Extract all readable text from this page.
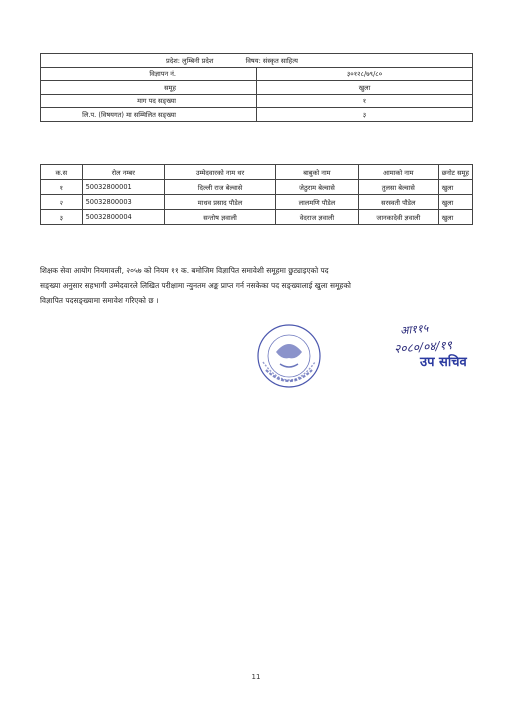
प्रदेश: लुम्बिनी प्रदेश विषय: संस्कृत साहित्य	
विज्ञापन नं.	३०१२८/७९/८०
समूह	खुला
माग पद सङ्ख्या	१
लि.प. (विषयगत) मा सम्मिलित सङ्ख्या	३
क.स	रोल नम्बर	उम्मेदवारको नाम थर	बाबुको नाम	आमाको नाम	छनोट समूह
१	50032800001	दिल्ली राज बेल्वासे	जेठुराम बेल्वासे	तुलसा बेल्वासे	खुला
२	50032800003	माधव प्रसाद पौडेल	लालमणि पौडेल	सरस्वती पौडेल	खुला
३	50032800004	सन्तोष ज्ञवाली	वेदराज ज्ञवाली	जानकादेवी ज्ञवाली	खुला
शिक्षक सेवा आयोग नियमावली, २०५७ को नियम ११ क. बमोजिम विज्ञापित समावेशी समूहमा छुट्याइएको पद
सङ्ख्या अनुसार सहभागी उम्मेदवारले लिखित परीक्षामा न्युनतम अङ्क प्राप्त गर्न नसकेका पद सङ्ख्यालाई खुला समूहको
विज्ञापित पदसङ्ख्यामा समावेश गरिएको छ ।
आ११५
२०८०/०४/१९
उप सचिव
11
